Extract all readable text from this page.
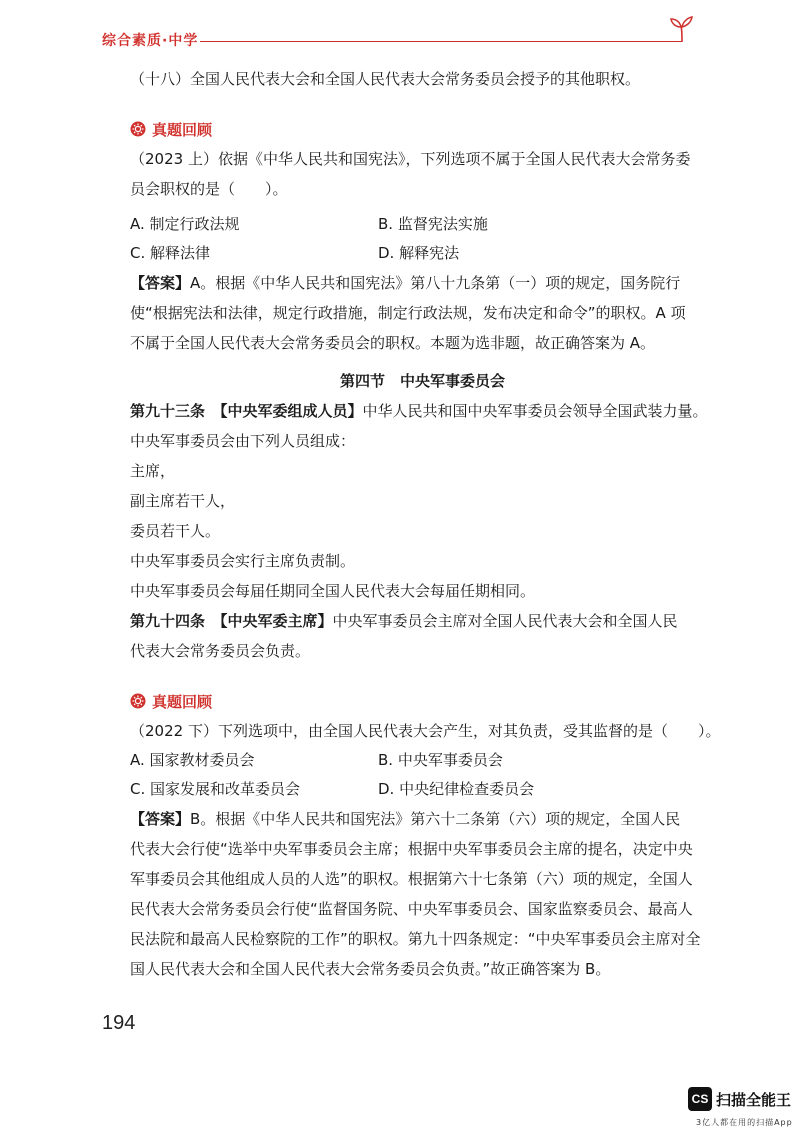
综合素质·中学

（十八）全国人民代表大会和全国人民代表大会常务委员会授予的其他职权。

真题回顾

（2023 上）依据《中华人民共和国宪法》，下列选项不属于全国人民代表大会常务委

员会职权的是（　　）。

A. 制定行政法规	B. 监督宪法实施

C. 解释法律	D. 解释宪法

【答案】A。根据《中华人民共和国宪法》第八十九条第（一）项的规定，国务院行

使“根据宪法和法律，规定行政措施，制定行政法规，发布决定和命令”的职权。A 项

不属于全国人民代表大会常务委员会的职权。本题为选非题，故正确答案为 A。

第四节　中央军事委员会

第九十三条　【中央军委组成人员】中华人民共和国中央军事委员会领导全国武装力量。

中央军事委员会由下列人员组成：

主席，

副主席若干人，

委员若干人。

中央军事委员会实行主席负责制。

中央军事委员会每届任期同全国人民代表大会每届任期相同。

第九十四条　【中央军委主席】中央军事委员会主席对全国人民代表大会和全国人民

代表大会常务委员会负责。

真题回顾

（2022 下）下列选项中，由全国人民代表大会产生，对其负责，受其监督的是（　　）。

A. 国家教材委员会	B. 中央军事委员会

C. 国家发展和改革委员会	D. 中央纪律检查委员会

【答案】B。根据《中华人民共和国宪法》第六十二条第（六）项的规定，全国人民

代表大会行使“选举中央军事委员会主席；根据中央军事委员会主席的提名，决定中央

军事委员会其他组成人员的人选”的职权。根据第六十七条第（六）项的规定，全国人

民代表大会常务委员会行使“监督国务院、中央军事委员会、国家监察委员会、最高人

民法院和最高人民检察院的工作”的职权。第九十四条规定：“中央军事委员会主席对全

国人民代表大会和全国人民代表大会常务委员会负责。”故正确答案为 B。

194
CS 扫描全能王
3亿人都在用的扫描App
